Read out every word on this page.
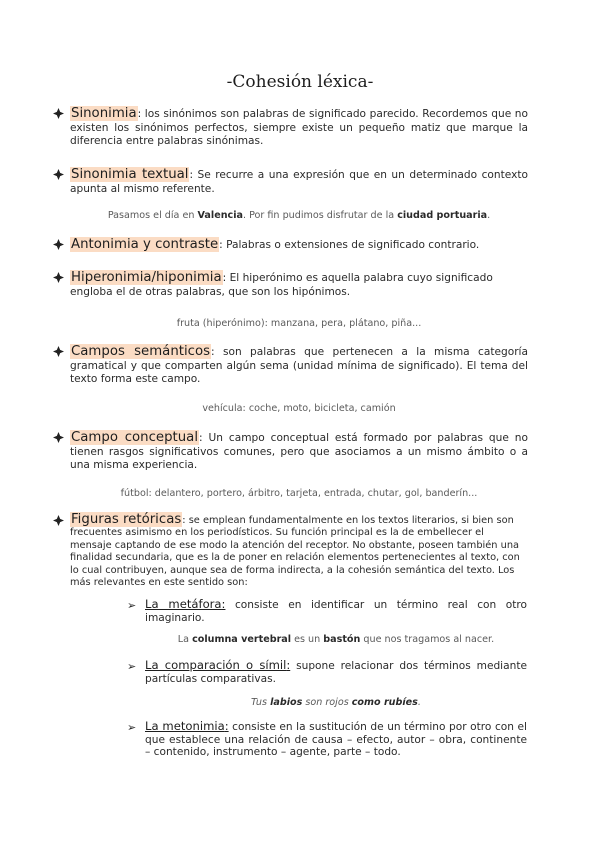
-Cohesión léxica-
Sinonimia: los sinónimos son palabras de significado parecido. Recordemos que no existen los sinónimos perfectos, siempre existe un pequeño matiz que marque la diferencia entre palabras sinónimas.
Sinonimia textual: Se recurre a una expresión que en un determinado contexto apunta al mismo referente.
Pasamos el día en Valencia. Por fin pudimos disfrutar de la ciudad portuaria.
Antonimia y contraste: Palabras o extensiones de significado contrario.
Hiperonimia/hiponimia: El hiperónimo es aquella palabra cuyo significado engloba el de otras palabras, que son los hipónimos.
fruta (hiperónimo): manzana, pera, plátano, piña...
Campos semánticos: son palabras que pertenecen a la misma categoría gramatical y que comparten algún sema (unidad mínima de significado). El tema del texto forma este campo.
vehícula: coche, moto, bicicleta, camión
Campo conceptual: Un campo conceptual está formado por palabras que no tienen rasgos significativos comunes, pero que asociamos a un mismo ámbito o a una misma experiencia.
fútbol: delantero, portero, árbitro, tarjeta, entrada, chutar, gol, banderín...
Figuras retóricas: se emplean fundamentalmente en los textos literarios, si bien son frecuentes asimismo en los periodísticos. Su función principal es la de embellecer el mensaje captando de ese modo la atención del receptor. No obstante, poseen también una finalidad secundaria, que es la de poner en relación elementos pertenecientes al texto, con lo cual contribuyen, aunque sea de forma indirecta, a la cohesión semántica del texto. Los más relevantes en este sentido son:
➢ La metáfora: consiste en identificar un término real con otro imaginario.
La columna vertebral es un bastón que nos tragamos al nacer.
➢ La comparación o símil: supone relacionar dos términos mediante partículas comparativas.
Tus labios son rojos como rubíes.
➢ La metonimia: consiste en la sustitución de un término por otro con el que establece una relación de causa – efecto, autor – obra, continente – contenido, instrumento – agente, parte – todo.
